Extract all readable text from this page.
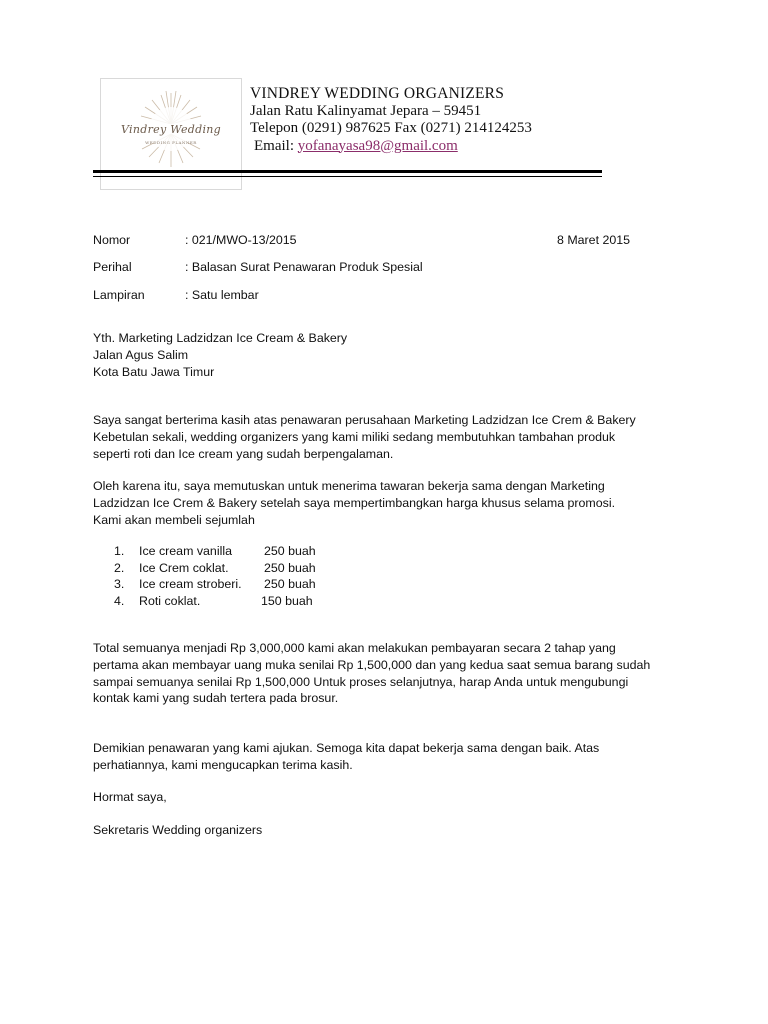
Vindrey Wedding
WEDDING PLANNER
VINDREY WEDDING ORGANIZERS
Jalan Ratu Kalinyamat Jepara – 59451
Telepon (0291) 987625 Fax (0271) 214124253
Email: yofanayasa98@gmail.com
Nomor	: 021/MWO-13/2015	8 Maret 2015
Perihal	: Balasan Surat Penawaran Produk Spesial
Lampiran	: Satu lembar
Yth. Marketing Ladzidzan Ice Cream & Bakery
Jalan Agus Salim
Kota Batu Jawa Timur
Saya sangat berterima kasih atas penawaran perusahaan Marketing Ladzidzan Ice Crem & Bakery
Kebetulan sekali, wedding organizers yang kami miliki sedang membutuhkan tambahan produk
seperti roti dan Ice cream yang sudah berpengalaman.
Oleh karena itu, saya memutuskan untuk menerima tawaran bekerja sama dengan Marketing
Ladzidzan Ice Crem & Bakery setelah saya mempertimbangkan harga khusus selama promosi.
Kami akan membeli sejumlah
1. Ice cream vanilla	250 buah
2. Ice Crem coklat.	250 buah
3. Ice cream stroberi. 250 buah
4. Roti coklat.	150 buah
Total semuanya menjadi Rp 3,000,000 kami akan melakukan pembayaran secara 2 tahap yang
pertama akan membayar uang muka senilai Rp 1,500,000 dan yang kedua saat semua barang sudah
sampai semuanya senilai Rp 1,500,000 Untuk proses selanjutnya, harap Anda untuk mengubungi
kontak kami yang sudah tertera pada brosur.
Demikian penawaran yang kami ajukan. Semoga kita dapat bekerja sama dengan baik. Atas
perhatiannya, kami mengucapkan terima kasih.
Hormat saya,
Sekretaris Wedding organizers
